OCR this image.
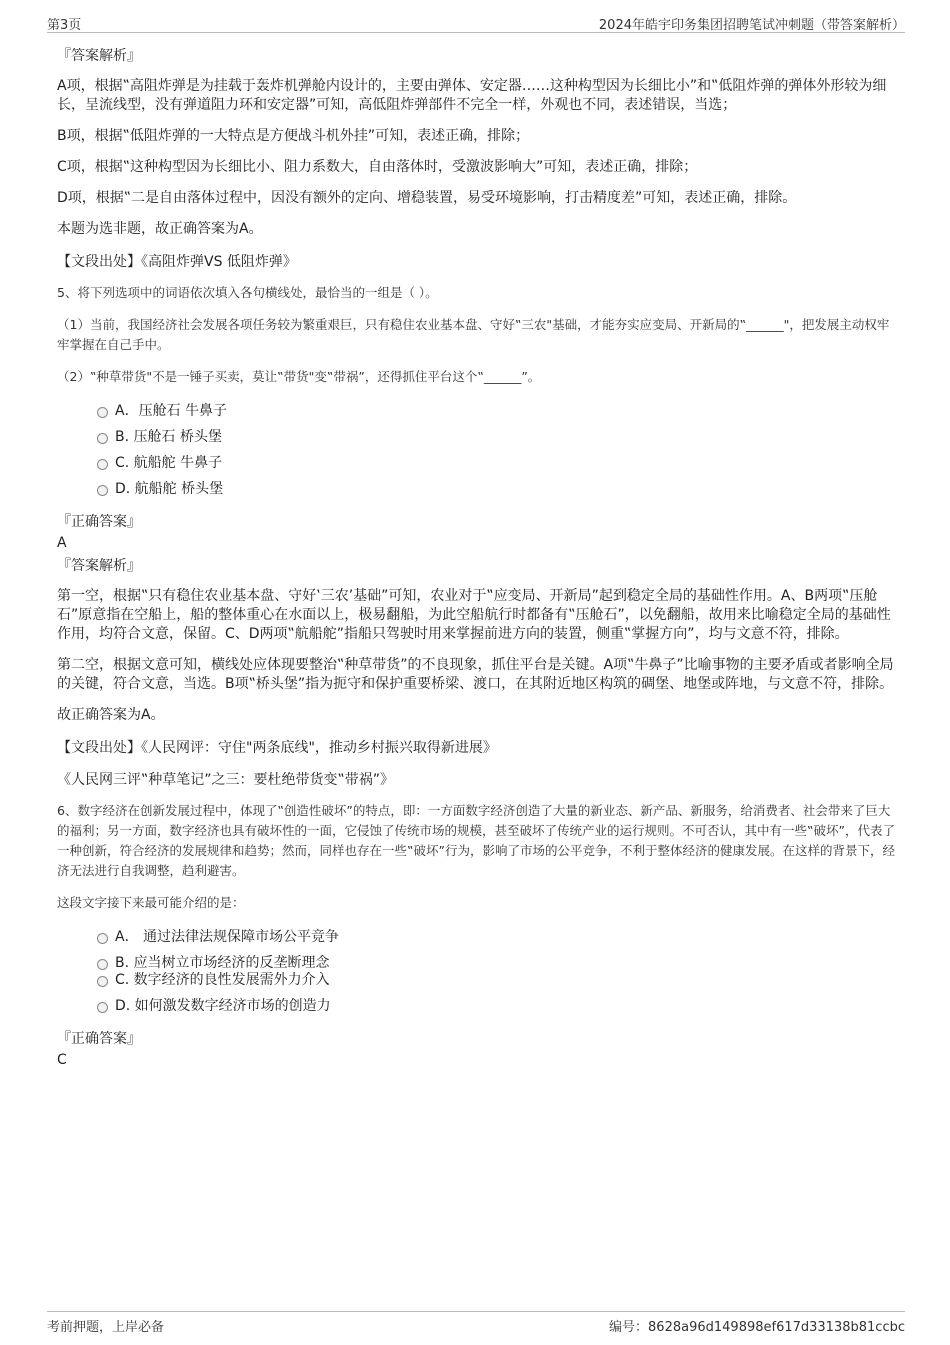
第3页	2024年皓宇印务集团招聘笔试冲刺题（带答案解析）
『答案解析』
A项，根据‟高阻炸弹是为挂载于轰炸机弹舱内设计的，主要由弹体、安定器……这种构型因为长细比小”和‟低阻炸弹的弹体外形较为细长，呈流线型，没有弹道阻力环和安定器”可知，高低阻炸弹部件不完全一样，外观也不同，表述错误，当选；
B项，根据‟低阻炸弹的一大特点是方便战斗机外挂”可知，表述正确，排除；
C项，根据‟这种构型因为长细比小、阻力系数大，自由落体时，受激波影响大”可知，表述正确，排除；
D项，根据‟二是自由落体过程中，因没有额外的定向、增稳装置，易受环境影响，打击精度差”可知，表述正确，排除。
本题为选非题，故正确答案为A。
【文段出处】《高阻炸弹VS 低阻炸弹》
5、将下列选项中的词语依次填入各句横线处，最恰当的一组是（ ）。
（1）当前，我国经济社会发展各项任务较为繁重艰巨，只有稳住农业基本盘、守好‟三农"基础，才能夯实应变局、开新局的‟______"，把发展主动权牢牢掌握在自己手中。
（2）‟种草带货"不是一锤子买卖，莫让‟带货"变‟带祸”，还得抓住平台这个‟______”。
A．压舱石 牛鼻子
B. 压舱石 桥头堡
C. 航船舵 牛鼻子
D. 航船舵 桥头堡
『正确答案』
A
『答案解析』
第一空，根据‟只有稳住农业基本盘、守好‛三农’基础”可知，农业对于‟应变局、开新局”起到稳定全局的基础性作用。A、B两项‟压舱石”原意指在空船上，船的整体重心在水面以上，极易翻船，为此空船航行时都备有‟压舱石”，以免翻船，故用来比喻稳定全局的基础性作用，均符合文意，保留。C、D两项‟航船舵”指船只驾驶时用来掌握前进方向的装置，侧重‟掌握方向”，均与文意不符，排除。
第二空，根据文意可知，横线处应体现要整治‟种草带货”的不良现象，抓住平台是关键。A项‟牛鼻子”比喻事物的主要矛盾或者影响全局的关键，符合文意，当选。B项‟桥头堡”指为扼守和保护重要桥梁、渡口，在其附近地区构筑的碉堡、地堡或阵地，与文意不符，排除。
故正确答案为A。
【文段出处】《人民网评：守住"两条底线"，推动乡村振兴取得新进展》
《人民网三评‟种草笔记”之三：要杜绝带货变‟带祸”》
6、数字经济在创新发展过程中，体现了‟创造性破坏”的特点，即：一方面数字经济创造了大量的新业态、新产品、新服务，给消费者、社会带来了巨大的福利；另一方面，数字经济也具有破坏性的一面，它侵蚀了传统市场的规模，甚至破坏了传统产业的运行规则。不可否认，其中有一些‟破坏”，代表了一种创新，符合经济的发展规律和趋势；然而，同样也存在一些‟破坏”行为，影响了市场的公平竞争，不利于整体经济的健康发展。在这样的背景下，经济无法进行自我调整，趋利避害。
这段文字接下来最可能介绍的是：
A． 通过法律法规保障市场公平竞争
B. 应当树立市场经济的反垄断理念
C. 数字经济的良性发展需外力介入
D. 如何激发数字经济市场的创造力
『正确答案』
C
考前押题，上岸必备	编号：8628a96d149898ef617d33138b81ccbc
